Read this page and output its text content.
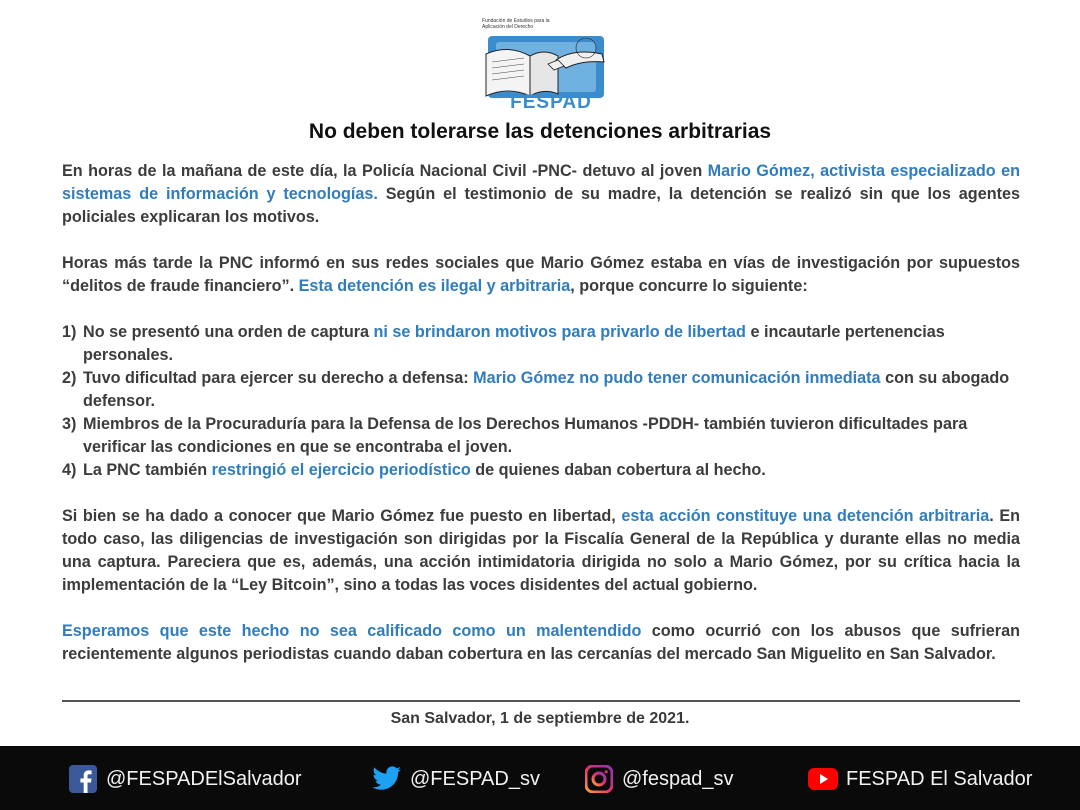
Fundación de Estudios para la Aplicación del Derecho
FESPAD
No deben tolerarse las detenciones arbitrarias

En horas de la mañana de este día, la Policía Nacional Civil -PNC- detuvo al joven Mario Gómez, activista especializado en sistemas de información y tecnologías. Según el testimonio de su madre, la detención se realizó sin que los agentes policiales explicaran los motivos.

Horas más tarde la PNC informó en sus redes sociales que Mario Gómez estaba en vías de investigación por supuestos “delitos de fraude financiero”. Esta detención es ilegal y arbitraria, porque concurre lo siguiente:

1) No se presentó una orden de captura ni se brindaron motivos para privarlo de libertad e incautarle pertenencias personales.
2) Tuvo dificultad para ejercer su derecho a defensa: Mario Gómez no pudo tener comunicación inmediata con su abogado defensor.
3) Miembros de la Procuraduría para la Defensa de los Derechos Humanos -PDDH- también tuvieron dificultades para verificar las condiciones en que se encontraba el joven.
4) La PNC también restringió el ejercicio periodístico de quienes daban cobertura al hecho.

Si bien se ha dado a conocer que Mario Gómez fue puesto en libertad, esta acción constituye una detención arbitraria. En todo caso, las diligencias de investigación son dirigidas por la Fiscalía General de la República y durante ellas no media una captura. Pareciera que es, además, una acción intimidatoria dirigida no solo a Mario Gómez, por su crítica hacia la implementación de la “Ley Bitcoin”, sino a todas las voces disidentes del actual gobierno.

Esperamos que este hecho no sea calificado como un malentendido como ocurrió con los abusos que sufrieran recientemente algunos periodistas cuando daban cobertura en las cercanías del mercado San Miguelito en San Salvador.

San Salvador, 1 de septiembre de 2021.
@FESPADElSalvador	@FESPAD_sv	@fespad_sv	FESPAD El Salvador
